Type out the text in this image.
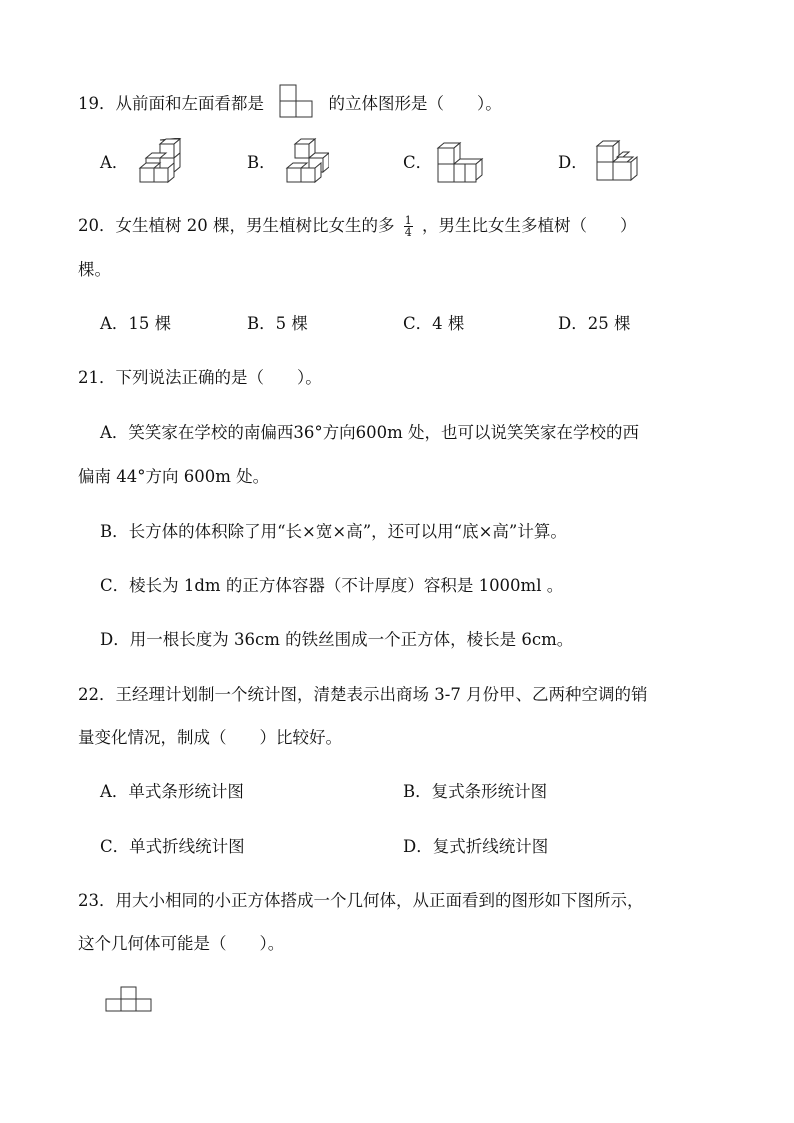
19．从前面和左面看都是	的立体图形是（　　）。
A．	B．	C．	D．
20．女生植树 20 棵，男生植树比女生的多 $\frac{1}{4}$ ，男生比女生多植树（　　）
棵。
A．15 棵	B．5 棵	C．4 棵	D．25 棵
21．下列说法正确的是（　　）。
A．笑笑家在学校的南偏西36°方向600m 处，也可以说笑笑家在学校的西
偏南 44°方向 600m 处。
B．长方体的体积除了用“长×宽×高”，还可以用“底×高”计算。
C．棱长为 1dm 的正方体容器（不计厚度）容积是 1000ml 。
D．用一根长度为 36cm 的铁丝围成一个正方体，棱长是 6cm。
22．王经理计划制一个统计图，清楚表示出商场 3-7 月份甲、乙两种空调的销
量变化情况，制成（　　）比较好。
A．单式条形统计图	B．复式条形统计图
C．单式折线统计图	D．复式折线统计图
23．用大小相同的小正方体搭成一个几何体，从正面看到的图形如下图所示，
这个几何体可能是（　　）。
